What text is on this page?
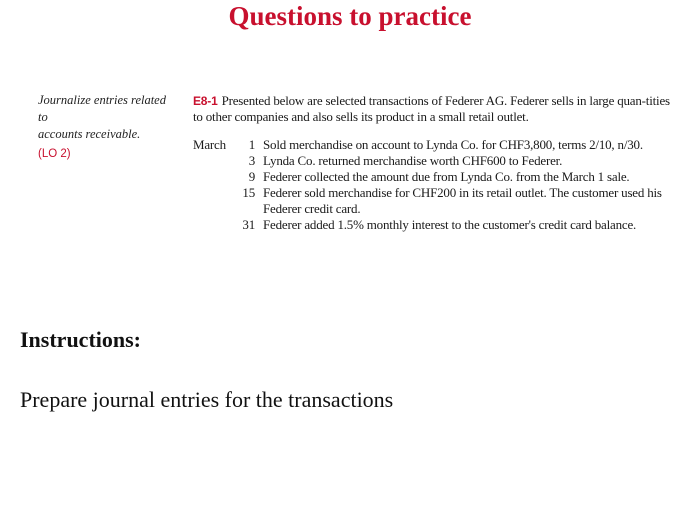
Questions to practice
Journalize entries related to
accounts receivable.
(LO 2)
E8-1 Presented below are selected transactions of Federer AG. Federer sells in large quan-tities to other companies and also sells its product in a small retail outlet.
March	1 Sold merchandise on account to Lynda Co. for CHF3,800, terms 2/10, n/30.
3 Lynda Co. returned merchandise worth CHF600 to Federer.
9 Federer collected the amount due from Lynda Co. from the March 1 sale.
15 Federer sold merchandise for CHF200 in its retail outlet. The customer used his Federer credit card.
31 Federer added 1.5% monthly interest to the customer's credit card balance.
Instructions:
Prepare journal entries for the transactions
